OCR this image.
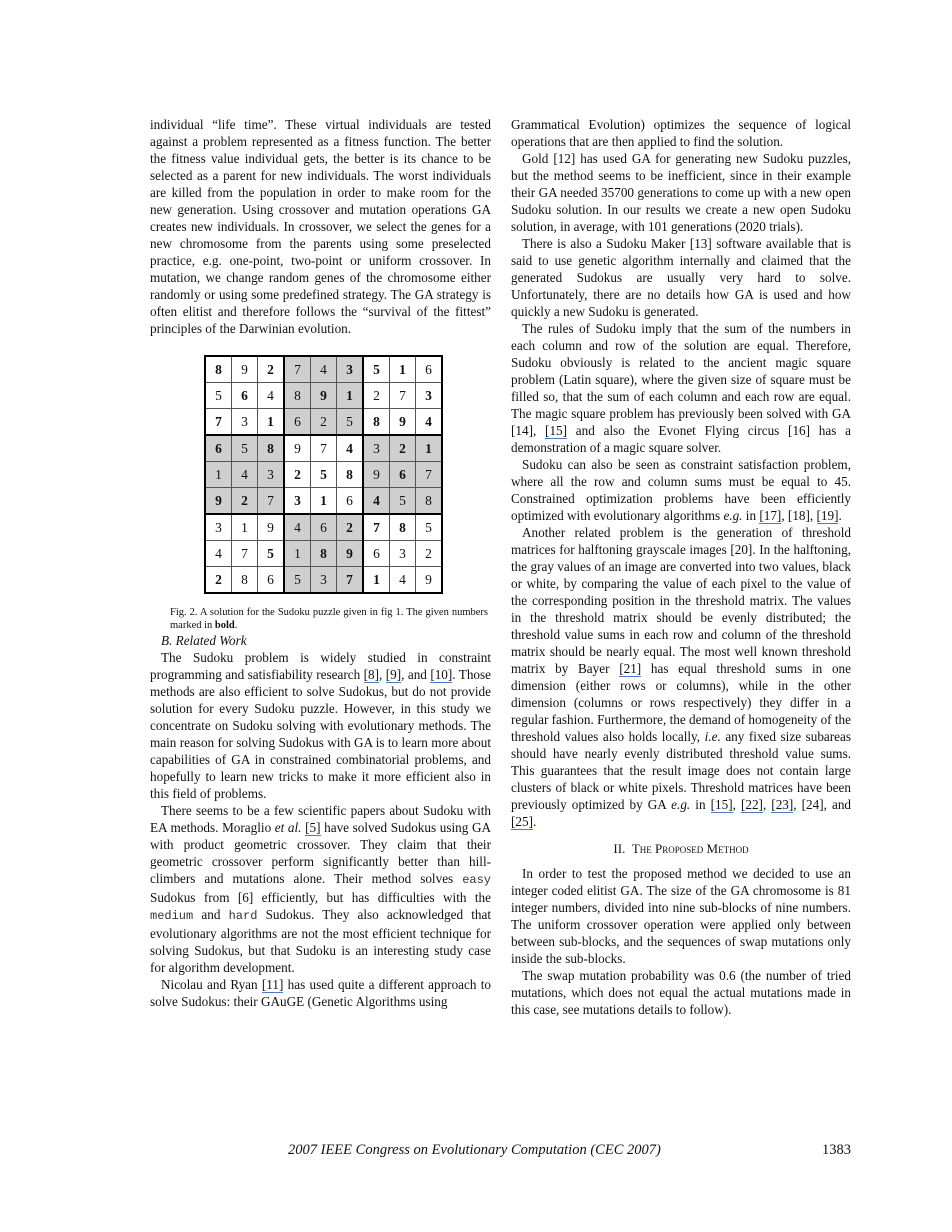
individual “life time”. These virtual individuals are tested against a problem represented as a fitness function. The better the fitness value individual gets, the better is its chance to be selected as a parent for new individuals. The worst individuals are killed from the population in order to make room for the new generation. Using crossover and mutation operations GA creates new individuals. In crossover, we select the genes for a new chromosome from the parents using some preselected practice, e.g. one-point, two-point or uniform crossover. In mutation, we change random genes of the chromosome either randomly or using some predefined strategy. The GA strategy is often elitist and therefore follows the “survival of the fittest” principles of the Darwinian evolution.

8	9	2	7	4	3	5	1	6
5	6	4	8	9	1	2	7	3
7	3	1	6	2	5	8	9	4
6	5	8	9	7	4	3	2	1
1	4	3	2	5	8	9	6	7
9	2	7	3	1	6	4	5	8
3	1	9	4	6	2	7	8	5
4	7	5	1	8	9	6	3	2
2	8	6	5	3	7	1	4	9
Fig. 2. A solution for the Sudoku puzzle given in fig 1. The given numbers marked in bold.

B. Related Work

The Sudoku problem is widely studied in constraint programming and satisfiability research [8], [9], and [10]. Those methods are also efficient to solve Sudokus, but do not provide solution for every Sudoku puzzle. However, in this study we concentrate on Sudoku solving with evolutionary methods. The main reason for solving Sudokus with GA is to learn more about capabilities of GA in constrained combinatorial problems, and hopefully to learn new tricks to make it more efficient also in this field of problems.

There seems to be a few scientific papers about Sudoku with EA methods. Moraglio et al. [5] have solved Sudokus using GA with product geometric crossover. They claim that their geometric crossover perform significantly better than hill-climbers and mutations alone. Their method solves easy Sudokus from [6] efficiently, but has difficulties with the medium and hard Sudokus. They also acknowledged that evolutionary algorithms are not the most efficient technique for solving Sudokus, but that Sudoku is an interesting study case for algorithm development.

Nicolau and Ryan [11] has used quite a different approach to solve Sudokus: their GAuGE (Genetic Algorithms using

Grammatical Evolution) optimizes the sequence of logical operations that are then applied to find the solution.

Gold [12] has used GA for generating new Sudoku puzzles, but the method seems to be inefficient, since in their example their GA needed 35700 generations to come up with a new open Sudoku solution. In our results we create a new open Sudoku solution, in average, with 101 generations (2020 trials).

There is also a Sudoku Maker [13] software available that is said to use genetic algorithm internally and claimed that the generated Sudokus are usually very hard to solve. Unfortunately, there are no details how GA is used and how quickly a new Sudoku is generated.

The rules of Sudoku imply that the sum of the numbers in each column and row of the solution are equal. Therefore, Sudoku obviously is related to the ancient magic square problem (Latin square), where the given size of square must be filled so, that the sum of each column and each row are equal. The magic square problem has previously been solved with GA [14], [15] and also the Evonet Flying circus [16] has a demonstration of a magic square solver.

Sudoku can also be seen as constraint satisfaction problem, where all the row and column sums must be equal to 45. Constrained optimization problems have been efficiently optimized with evolutionary algorithms e.g. in [17], [18], [19].

Another related problem is the generation of threshold matrices for halftoning grayscale images [20]. In the halftoning, the gray values of an image are converted into two values, black or white, by comparing the value of each pixel to the value of the corresponding position in the threshold matrix. The values in the threshold matrix should be evenly distributed; the threshold value sums in each row and column of the threshold matrix should be nearly equal. The most well known threshold matrix by Bayer [21] has equal threshold sums in one dimension (either rows or columns), while in the other dimension (columns or rows respectively) they differ in a regular fashion. Furthermore, the demand of homogeneity of the threshold values also holds locally, i.e. any fixed size subareas should have nearly evenly distributed threshold value sums. This guarantees that the result image does not contain large clusters of black or white pixels. Threshold matrices have been previously optimized by GA e.g. in [15], [22], [23], [24], and [25].

II. The Proposed Method

In order to test the proposed method we decided to use an integer coded elitist GA. The size of the GA chromosome is 81 integer numbers, divided into nine sub-blocks of nine numbers. The uniform crossover operation were applied only between between sub-blocks, and the sequences of swap mutations only inside the sub-blocks.

The swap mutation probability was 0.6 (the number of tried mutations, which does not equal the actual mutations made in this case, see mutations details to follow).

2007 IEEE Congress on Evolutionary Computation (CEC 2007)	1383
